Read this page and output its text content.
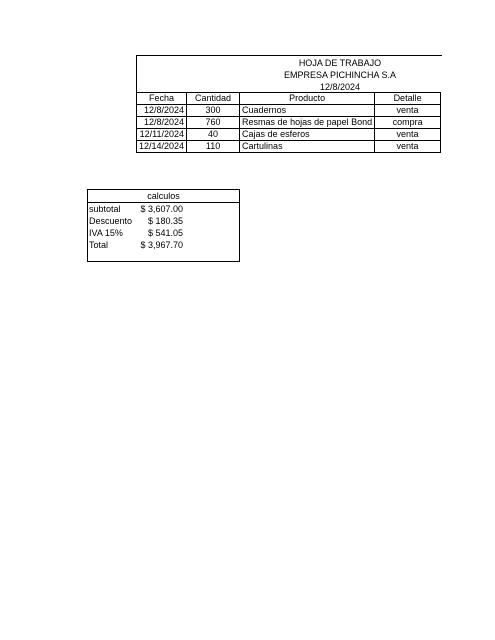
HOJA DE TRABAJO
EMPRESA PICHINCHA S.A
12/8/2024
Fecha	Cantidad	Producto	Detalle
12/8/2024	300	Cuadernos	venta
12/8/2024	760	Resmas de hojas de papel Bond	compra
12/11/2024	40	Cajas de esferos	venta
12/14/2024	110	Cartulinas	venta
calculos
subtotal $ 3,607.00
Descuento $ 180.35
IVA 15%	$ 541.05
Total	$ 3,967.70
